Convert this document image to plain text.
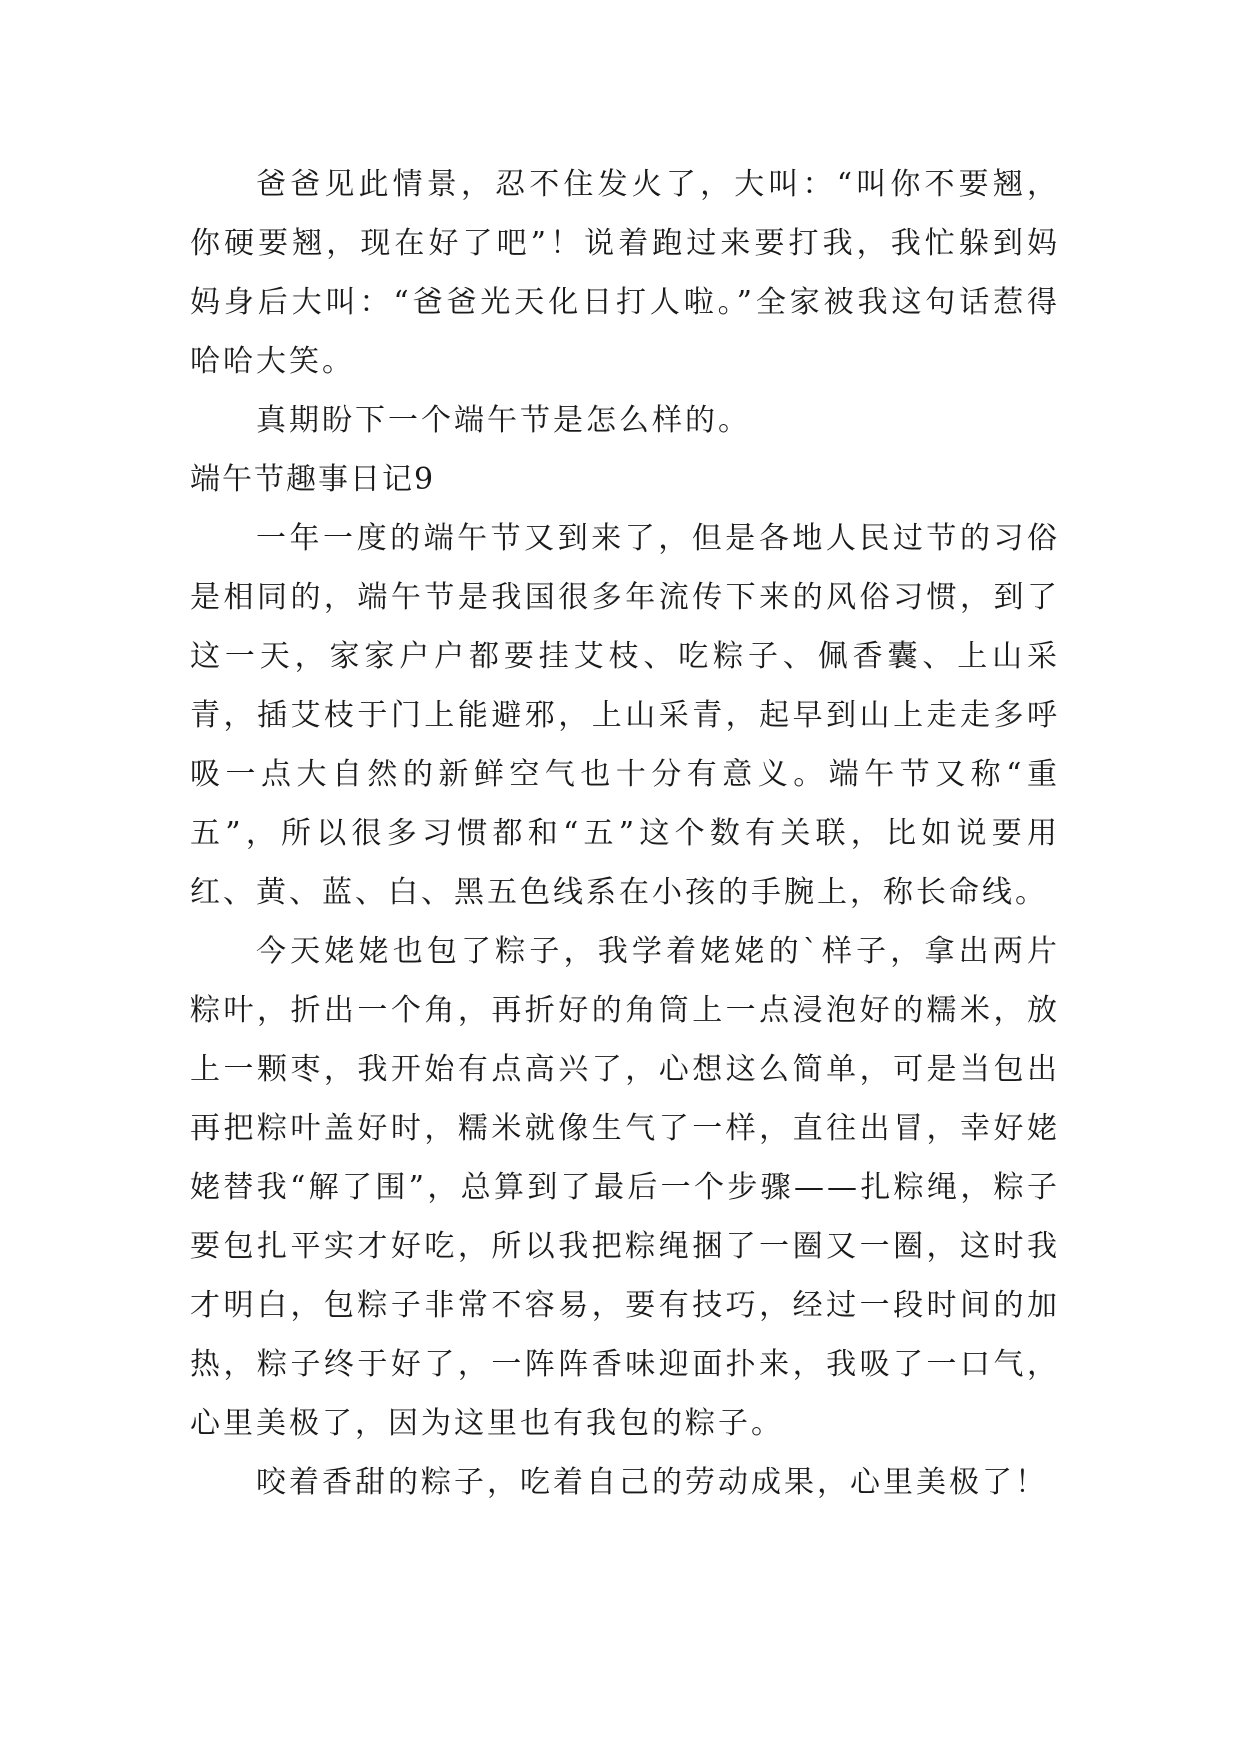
爸爸见此情景，忍不住发火了，大叫：“叫你不要翘，你硬要翘，现在好了吧”！说着跑过来要打我，我忙躲到妈妈身后大叫：“爸爸光天化日打人啦。”全家被我这句话惹得哈哈大笑。

真期盼下一个端午节是怎么样的。

端午节趣事日记9

一年一度的端午节又到来了，但是各地人民过节的习俗是相同的，端午节是我国很多年流传下来的风俗习惯，到了这一天，家家户户都要挂艾枝、吃粽子、佩香囊、上山采青，插艾枝于门上能避邪，上山采青，起早到山上走走多呼吸一点大自然的新鲜空气也十分有意义。端午节又称“重五”，所以很多习惯都和“五”这个数有关联，比如说要用红、黄、蓝、白、黑五色线系在小孩的手腕上，称长命线。

今天姥姥也包了粽子，我学着姥姥的`样子，拿出两片粽叶，折出一个角，再折好的角筒上一点浸泡好的糯米，放上一颗枣，我开始有点高兴了，心想这么简单，可是当包出再把粽叶盖好时，糯米就像生气了一样，直往出冒，幸好姥姥替我“解了围”，总算到了最后一个步骤——扎粽绳，粽子要包扎平实才好吃，所以我把粽绳捆了一圈又一圈，这时我才明白，包粽子非常不容易，要有技巧，经过一段时间的加热，粽子终于好了，一阵阵香味迎面扑来，我吸了一口气，心里美极了，因为这里也有我包的粽子。

咬着香甜的粽子，吃着自己的劳动成果，心里美极了！
